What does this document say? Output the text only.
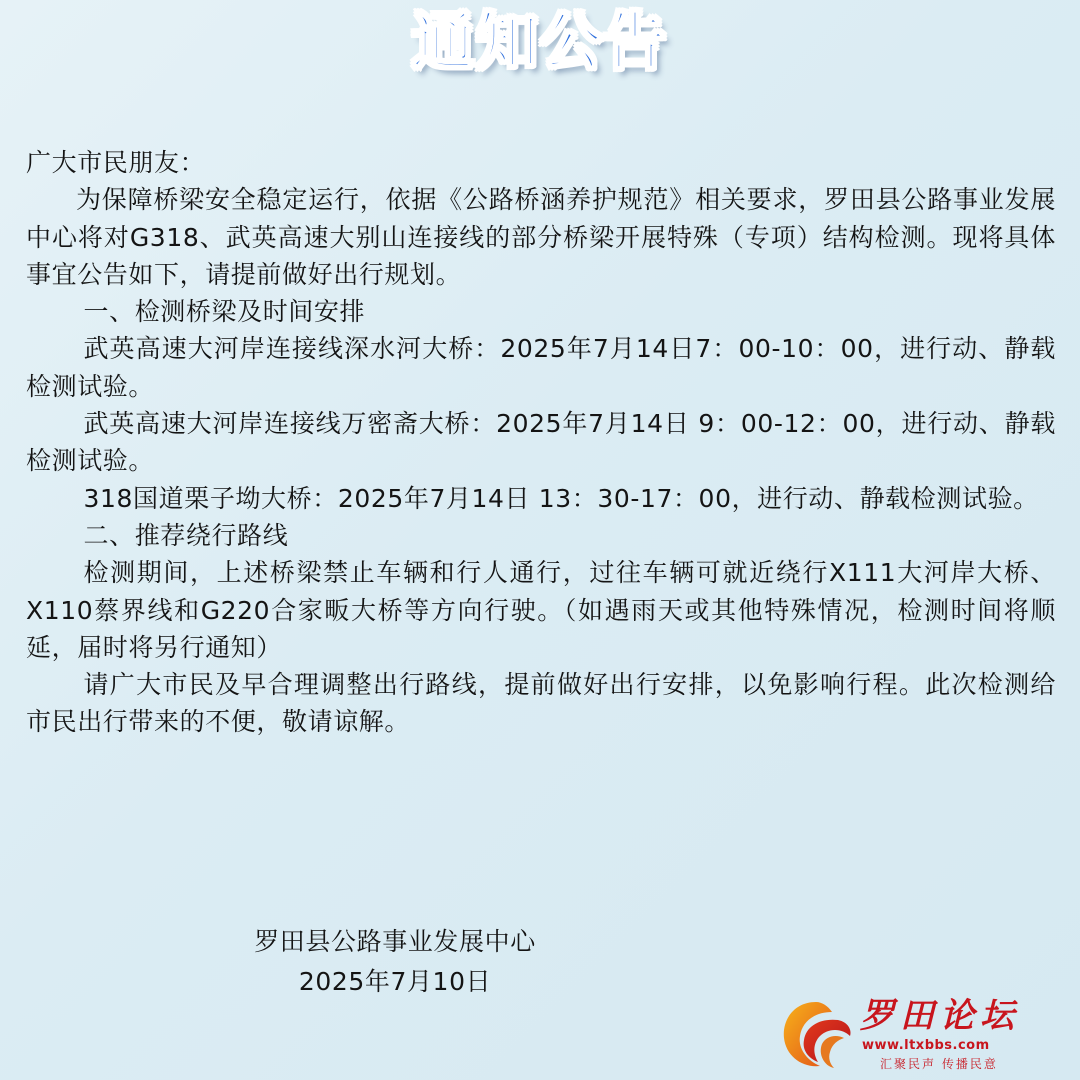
通知公告

广大市民朋友：

为保障桥梁安全稳定运行，依据《公路桥涵养护规范》相关要求，罗田县公路事业发展中心将对G318、武英高速大别山连接线的部分桥梁开展特殊（专项）结构检测。现将具体事宜公告如下，请提前做好出行规划。

一、检测桥梁及时间安排

武英高速大河岸连接线深水河大桥：2025年7月14日7：00-10：00，进行动、静载检测试验。

武英高速大河岸连接线万密斋大桥：2025年7月14日 9：00-12：00，进行动、静载检测试验。

318国道栗子坳大桥：2025年7月14日 13：30-17：00，进行动、静载检测试验。

二、推荐绕行路线

检测期间，上述桥梁禁止车辆和行人通行，过往车辆可就近绕行X111大河岸大桥、X110蔡界线和G220合家畈大桥等方向行驶。（如遇雨天或其他特殊情况，检测时间将顺延，届时将另行通知）

请广大市民及早合理调整出行路线，提前做好出行安排，以免影响行程。此次检测给市民出行带来的不便，敬请谅解。

罗田县公路事业发展中心

2025年7月10日

罗田论坛
www.ltxbbs.com
汇聚民声 传播民意
